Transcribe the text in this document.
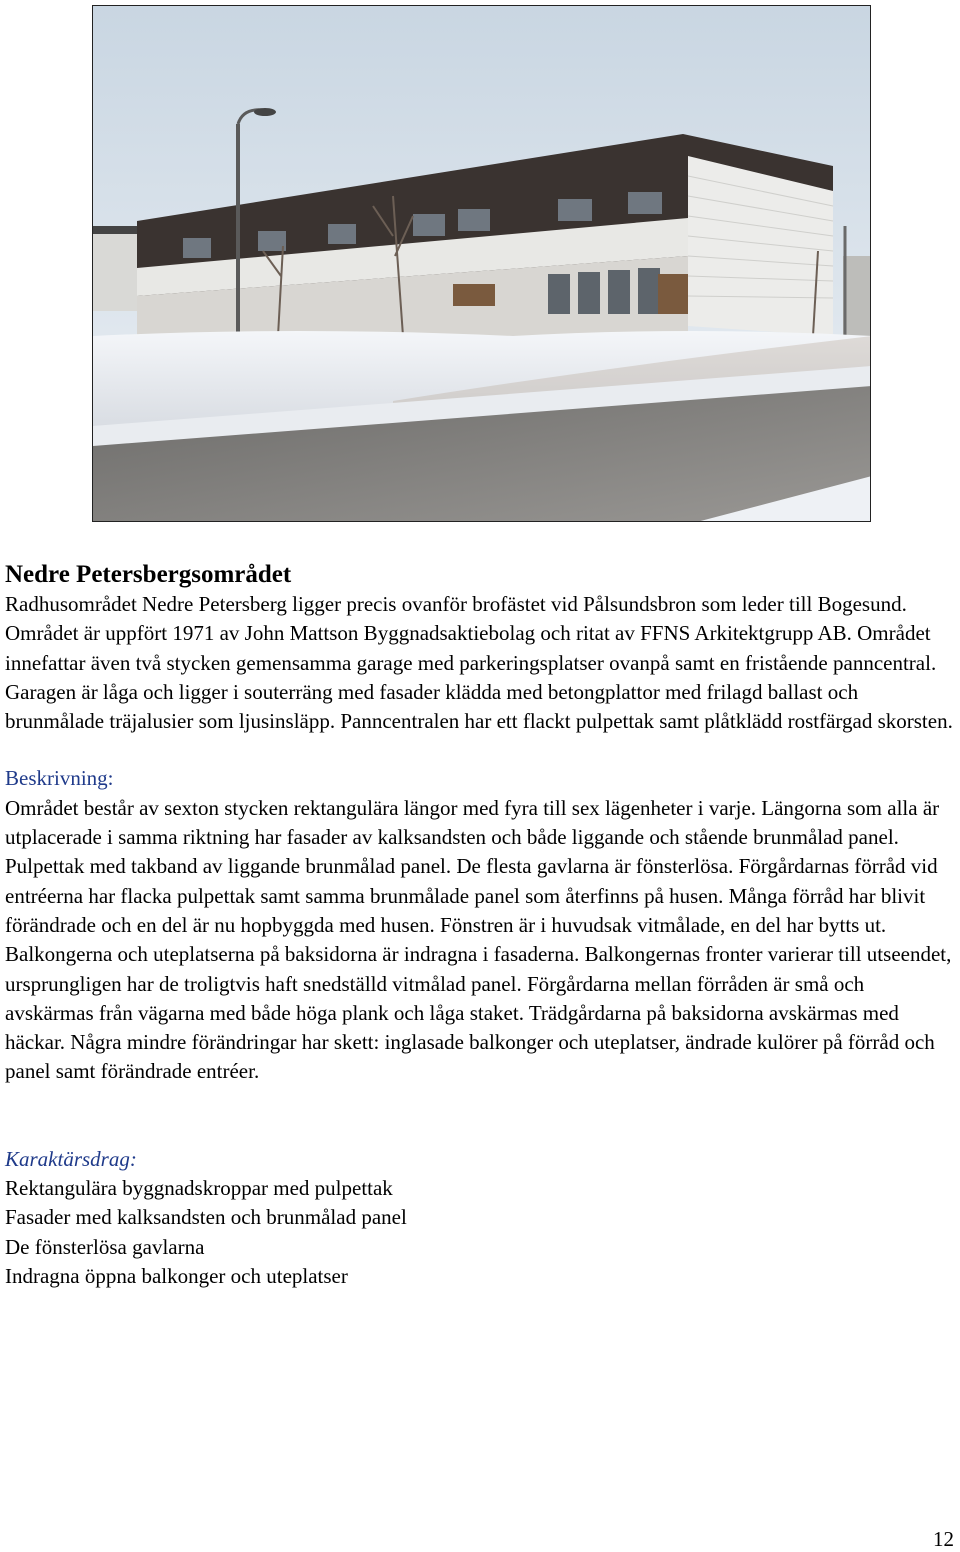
Nedre Petersbergsområdet

Radhusområdet Nedre Petersberg ligger precis ovanför brofästet vid Pålsundsbron som leder till Bogesund. Området är uppfört 1971 av John Mattson Byggnadsaktiebolag och ritat av FFNS Arkitektgrupp AB. Området innefattar även två stycken gemensamma garage med parkeringsplatser ovanpå samt en fristående panncentral. Garagen är låga och ligger i souterräng med fasader klädda med betongplattor med frilagd ballast och brunmålade träjalusier som ljusinsläpp. Panncentralen har ett flackt pulpettak samt plåtklädd rostfärgad skorsten.

Beskrivning:

Området består av sexton stycken rektangulära längor med fyra till sex lägenheter i varje. Längorna som alla är utplacerade i samma riktning har fasader av kalksandsten och både liggande och stående brunmålad panel. Pulpettak med takband av liggande brunmålad panel. De flesta gavlarna är fönsterlösa. Förgårdarnas förråd vid entréerna har flacka pulpettak samt samma brunmålade panel som återfinns på husen. Många förråd har blivit förändrade och en del är nu hopbyggda med husen. Fönstren är i huvudsak vitmålade, en del har bytts ut. Balkongerna och uteplatserna på baksidorna är indragna i fasaderna. Balkongernas fronter varierar till utseendet, ursprungligen har de troligtvis haft snedställd vitmålad panel. Förgårdarna mellan förråden är små och avskärmas från vägarna med både höga plank och låga staket. Trädgårdarna på baksidorna avskärmas med häckar. Några mindre förändringar har skett: inglasade balkonger och uteplatser, ändrade kulörer på förråd och panel samt förändrade entréer.

Karaktärsdrag:

Rektangulära byggnadskroppar med pulpettak
Fasader med kalksandsten och brunmålad panel
De fönsterlösa gavlarna
Indragna öppna balkonger och uteplatser
12
